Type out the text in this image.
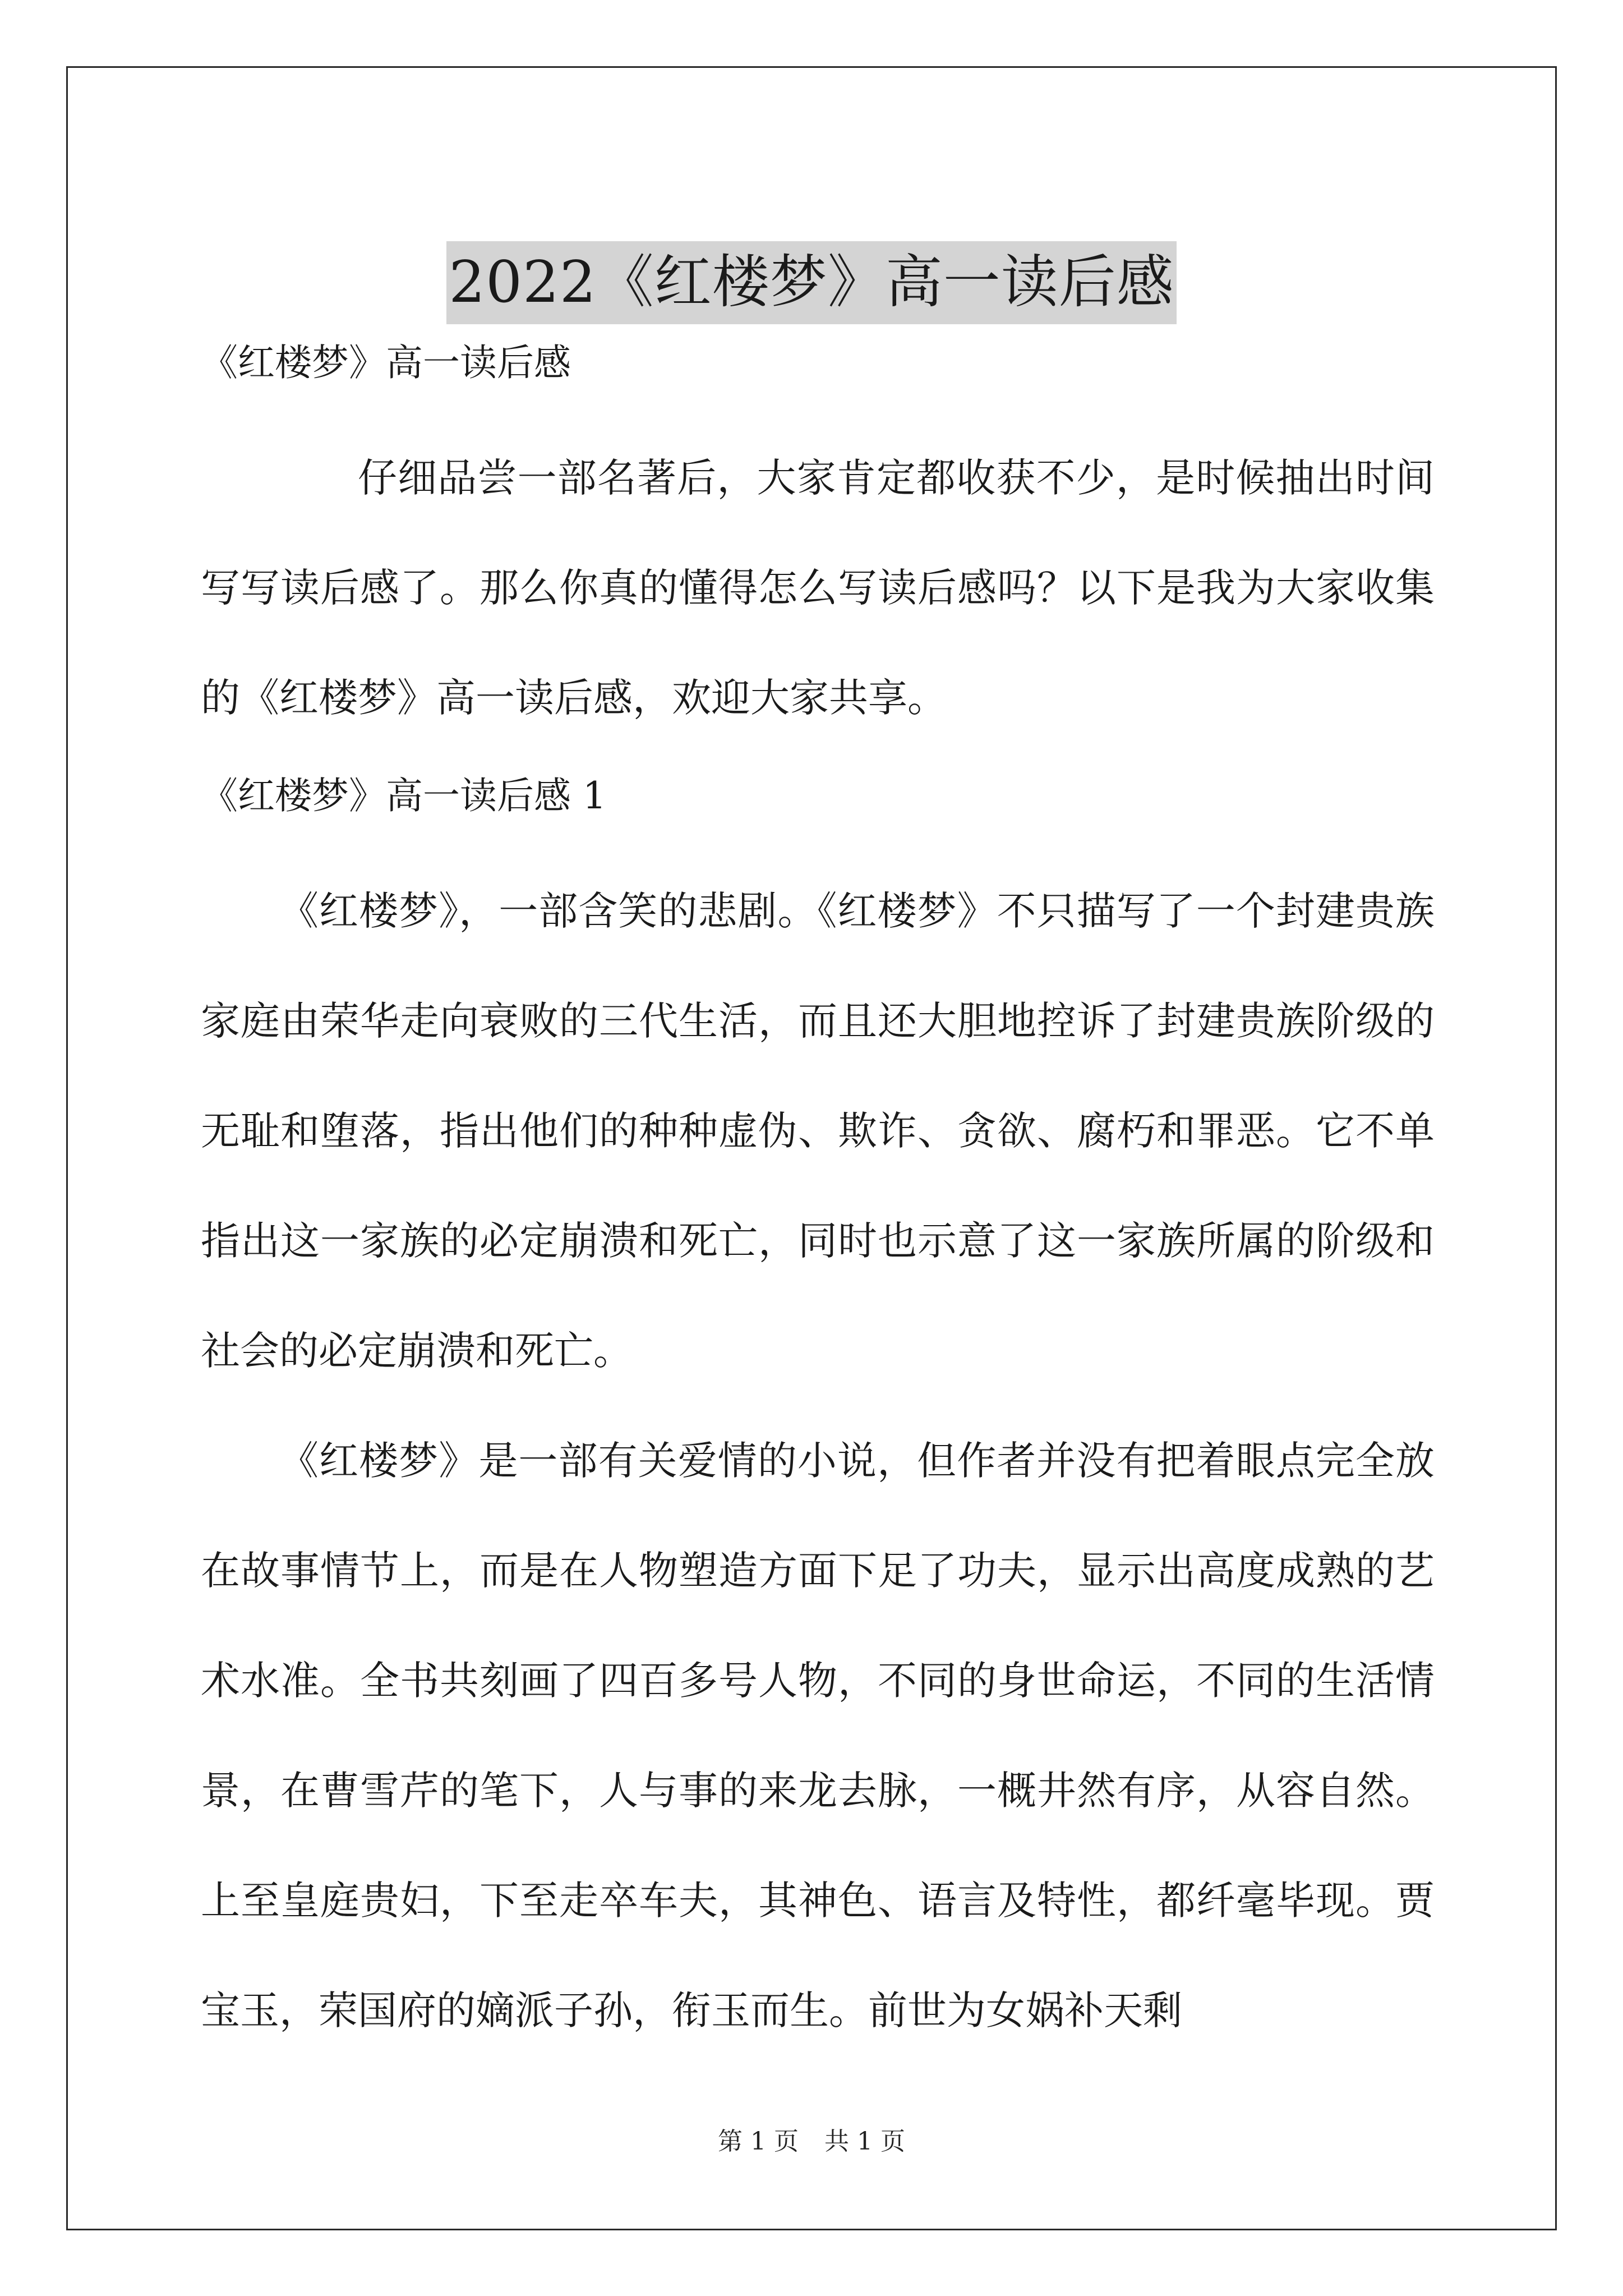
2022《红楼梦》高一读后感

《红楼梦》高一读后感

仔细品尝一部名著后，大家肯定都收获不少，是时候抽出时间写写读后感了。那么你真的懂得怎么写读后感吗？以下是我为大家收集的《红楼梦》高一读后感，欢迎大家共享。

《红楼梦》高一读后感 1

《红楼梦》，一部含笑的悲剧。《红楼梦》不只描写了一个封建贵族家庭由荣华走向衰败的三代生活，而且还大胆地控诉了封建贵族阶级的无耻和堕落，指出他们的种种虚伪、欺诈、贪欲、腐朽和罪恶。它不单指出这一家族的必定崩溃和死亡，同时也示意了这一家族所属的阶级和社会的必定崩溃和死亡。

《红楼梦》是一部有关爱情的小说，但作者并没有把着眼点完全放在故事情节上，而是在人物塑造方面下足了功夫，显示出高度成熟的艺术水准。全书共刻画了四百多号人物，不同的身世命运，不同的生活情景，在曹雪芹的笔下，人与事的来龙去脉，一概井然有序，从容自然。上至皇庭贵妇，下至走卒车夫，其神色、语言及特性，都纤毫毕现。贾宝玉，荣国府的嫡派子孙，衔玉而生。前世为女娲补天剩

第 1 页 共 1 页
